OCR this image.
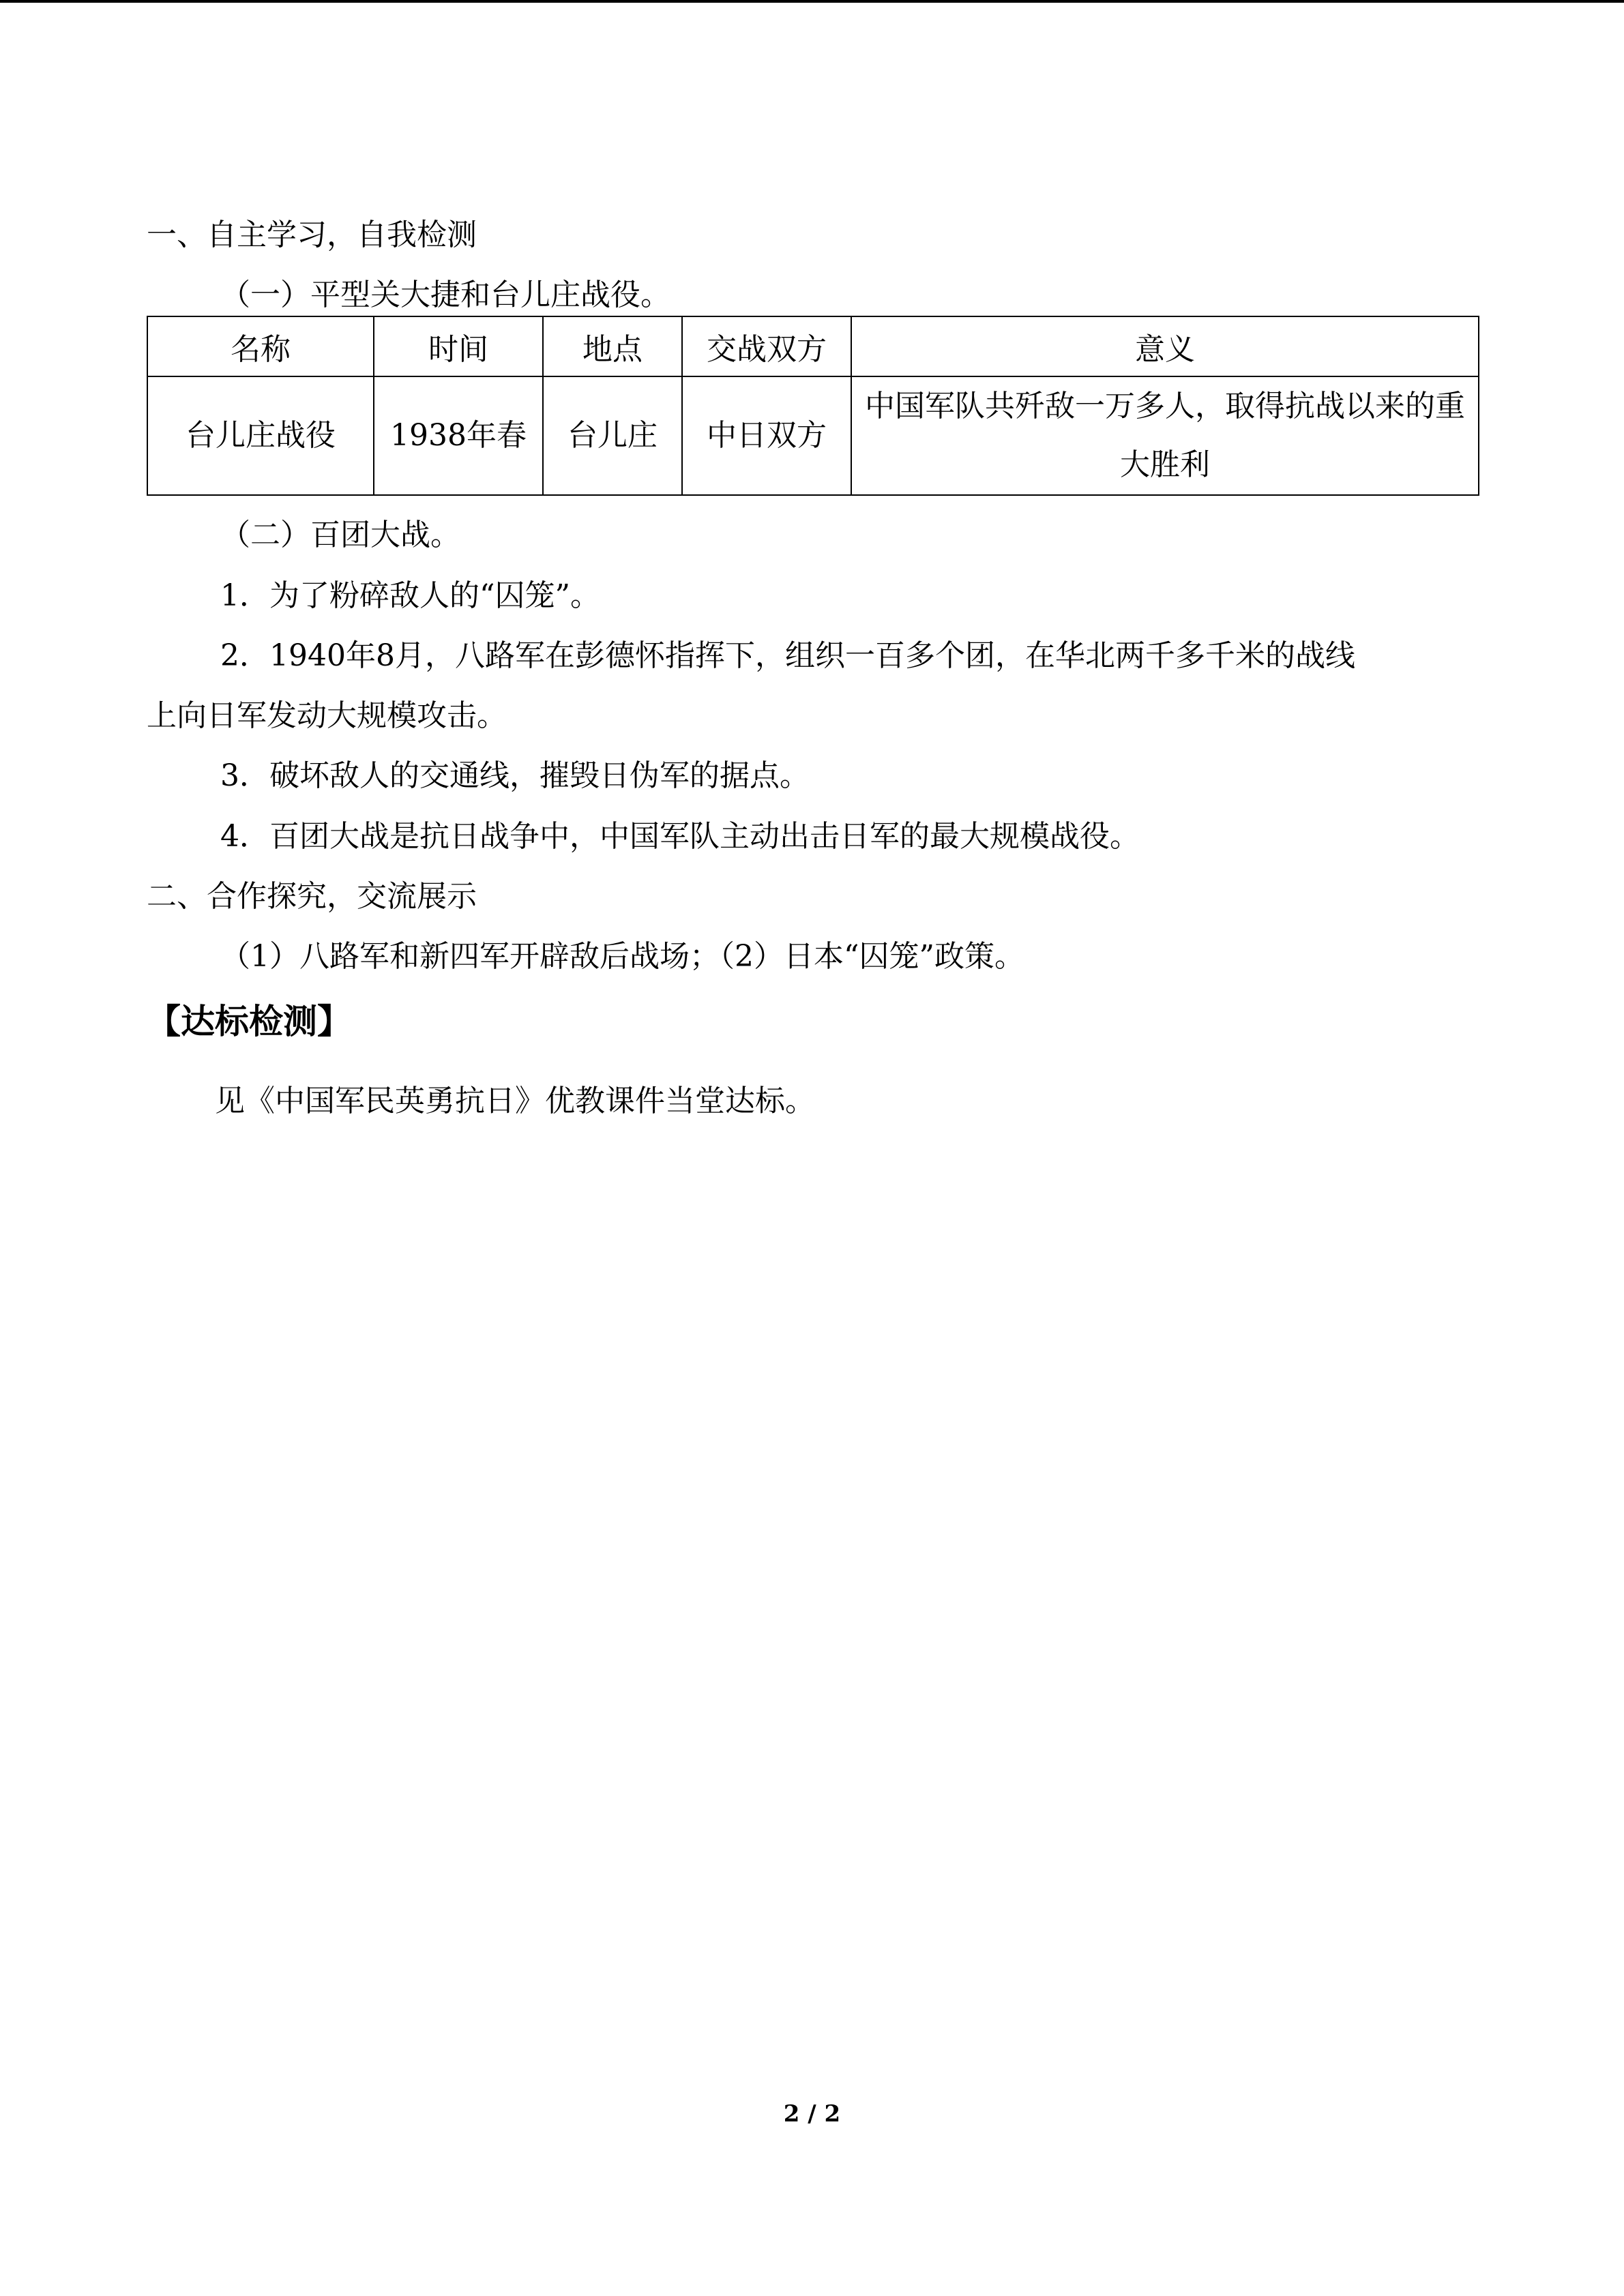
一、自主学习，自我检测
（一）平型关大捷和台儿庄战役。
名称	时间	地点	交战双方	意义
台儿庄战役	1938年春	台儿庄	中日双方	中国军队共歼敌一万多人，取得抗战以来的重大胜利
（二）百团大战。
1．为了粉碎敌人的“囚笼”。
2．1940年8月，八路军在彭德怀指挥下，组织一百多个团，在华北两千多千米的战线
上向日军发动大规模攻击。
3．破坏敌人的交通线，摧毁日伪军的据点。
4．百团大战是抗日战争中，中国军队主动出击日军的最大规模战役。
二、合作探究，交流展示
（1）八路军和新四军开辟敌后战场；（2）日本“囚笼”政策。
【达标检测】
见《中国军民英勇抗日》优教课件当堂达标。
2 / 2
